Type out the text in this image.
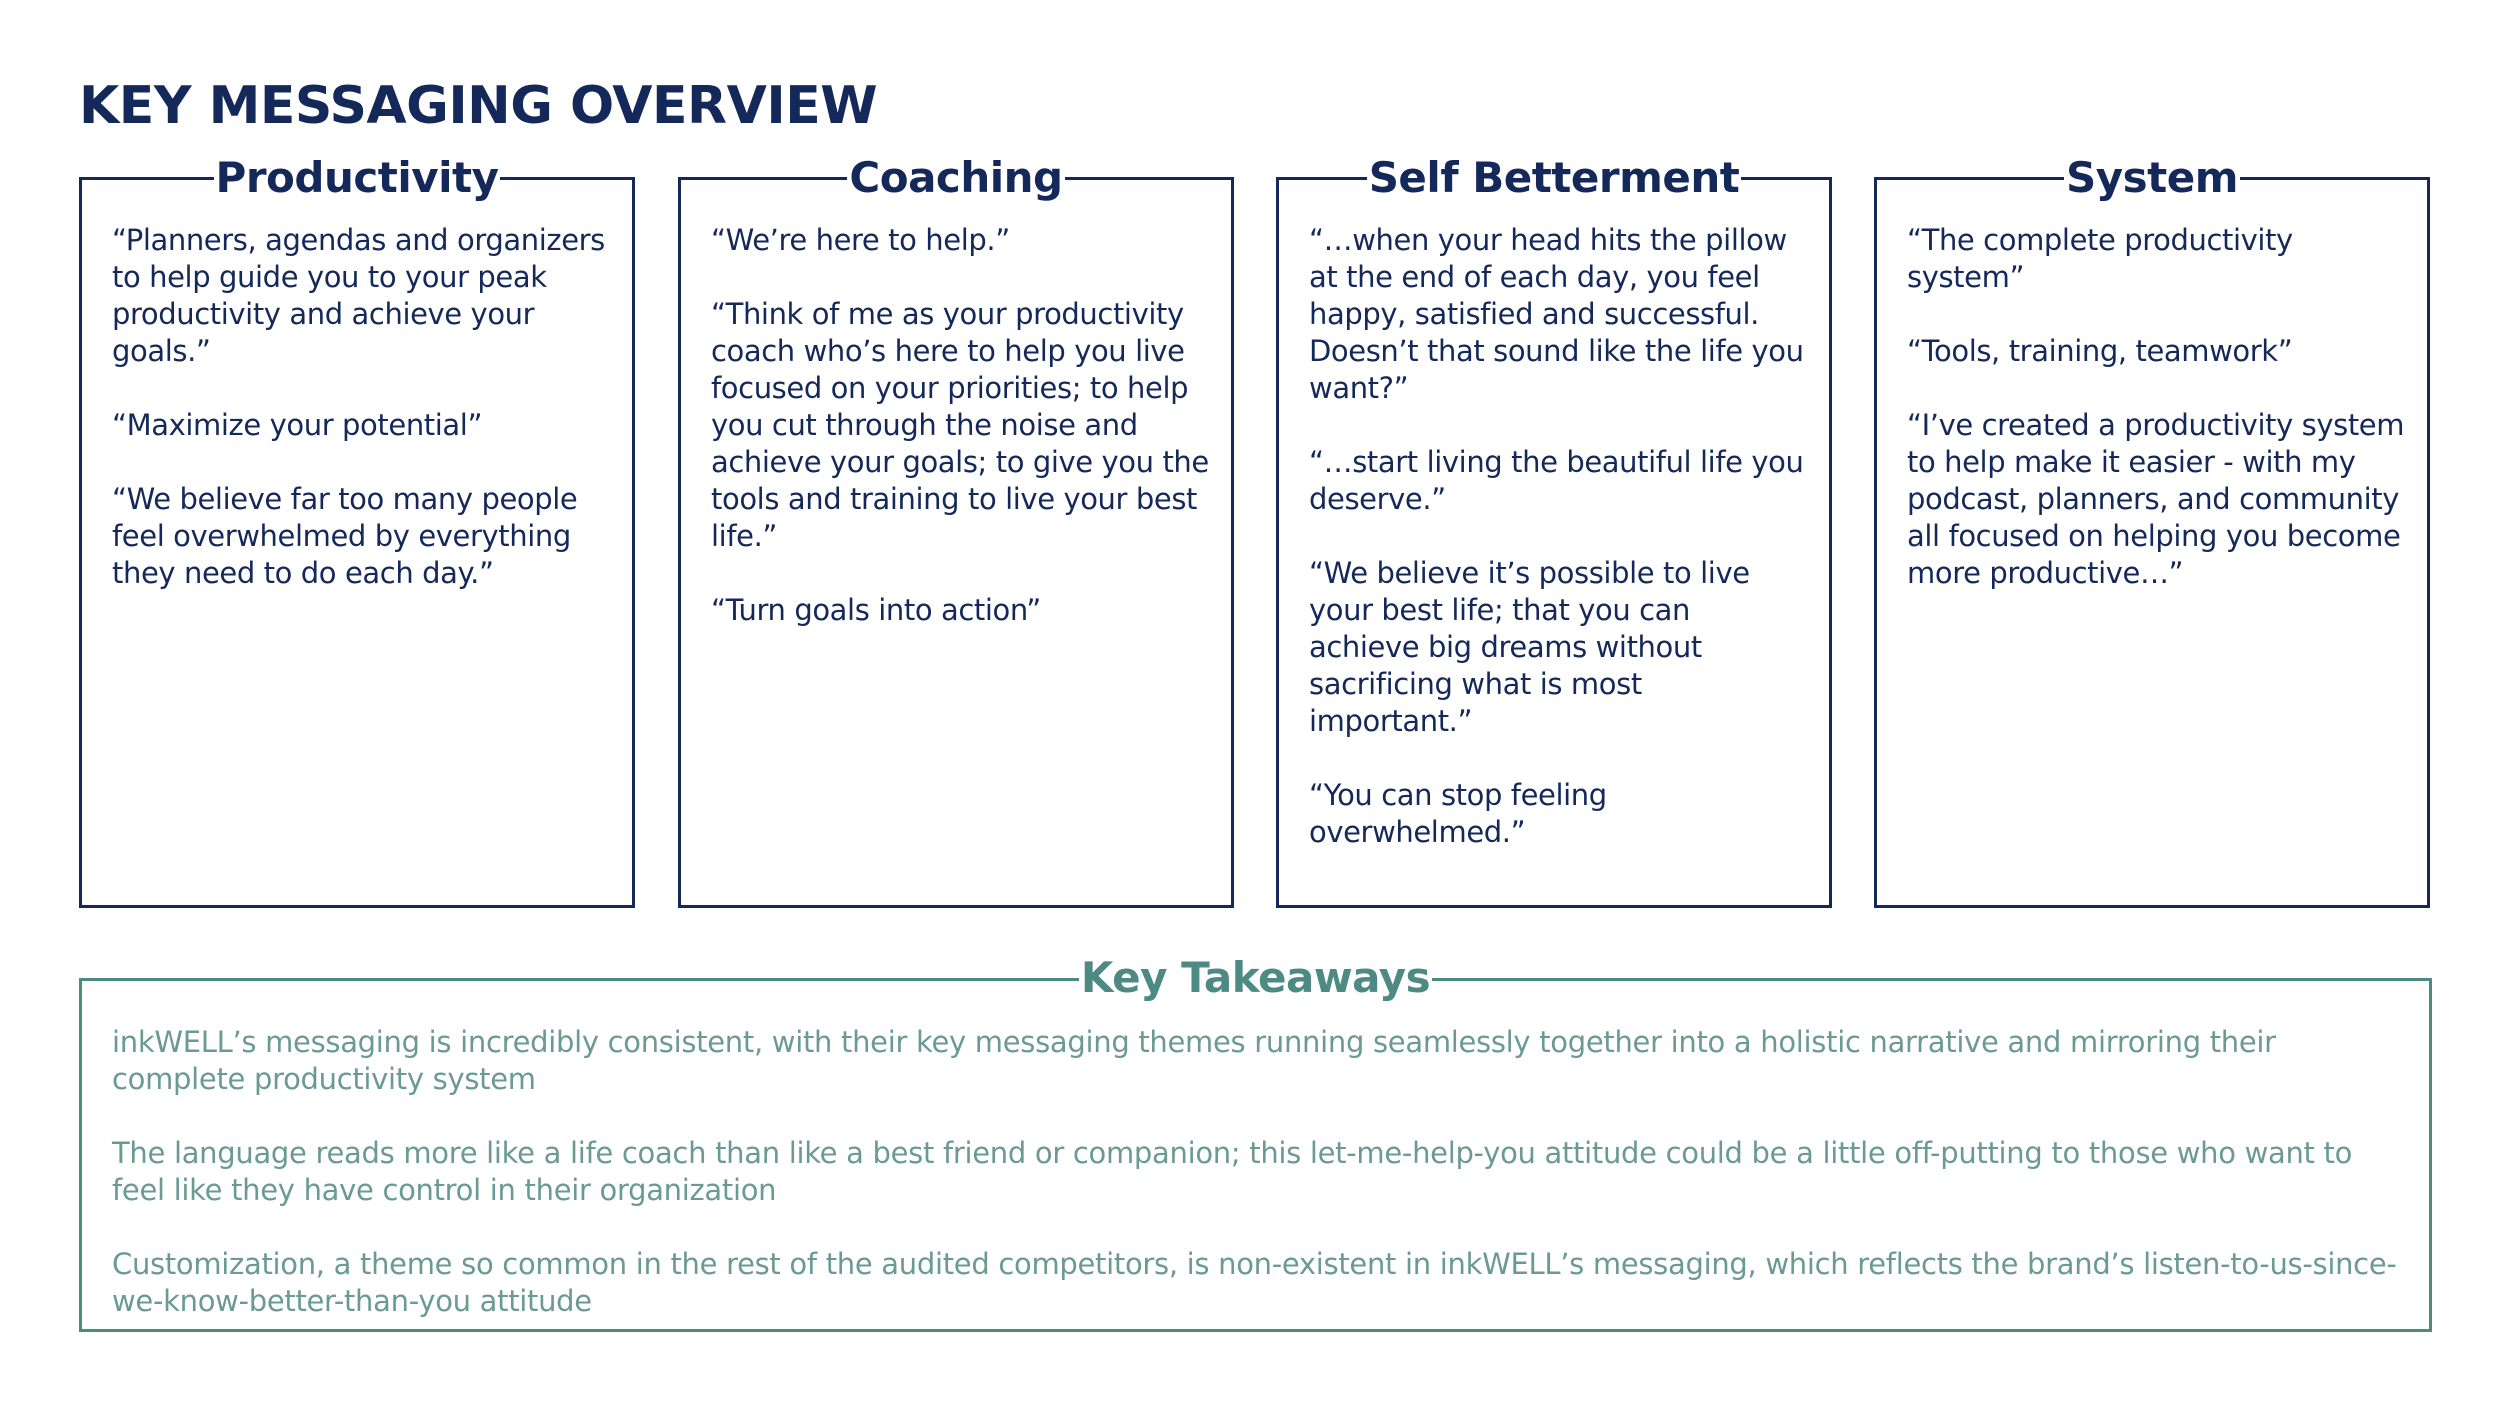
KEY MESSAGING OVERVIEW
Productivity

“Planners, agendas and organizers to help guide you to your peak productivity and achieve your goals.”

“Maximize your potential”

“We believe far too many people feel overwhelmed by everything they need to do each day.”

Coaching

“We’re here to help.”

“Think of me as your productivity coach who’s here to help you live focused on your priorities; to help you cut through the noise and achieve your goals; to give you the tools and training to live your best life.”

“Turn goals into action”

Self Betterment

“…when your head hits the pillow at the end of each day, you feel happy, satisfied and successful. Doesn’t that sound like the life you want?”

“…start living the beautiful life you deserve.”

“We believe it’s possible to live your best life; that you can achieve big dreams without sacrificing what is most important.”

“You can stop feeling overwhelmed.”

System

“The complete productivity system”

“Tools, training, teamwork”

“I’ve created a productivity system to help make it easier - with my podcast, planners, and community all focused on helping you become more productive…”

Key Takeaways

inkWELL’s messaging is incredibly consistent, with their key messaging themes running seamlessly together into a holistic narrative and mirroring their complete productivity system

The language reads more like a life coach than like a best friend or companion; this let-me-help-you attitude could be a little off-putting to those who want to feel like they have control in their organization

Customization, a theme so common in the rest of the audited competitors, is non-existent in inkWELL’s messaging, which reflects the brand’s listen-to-us-since-we-know-better-than-you attitude
